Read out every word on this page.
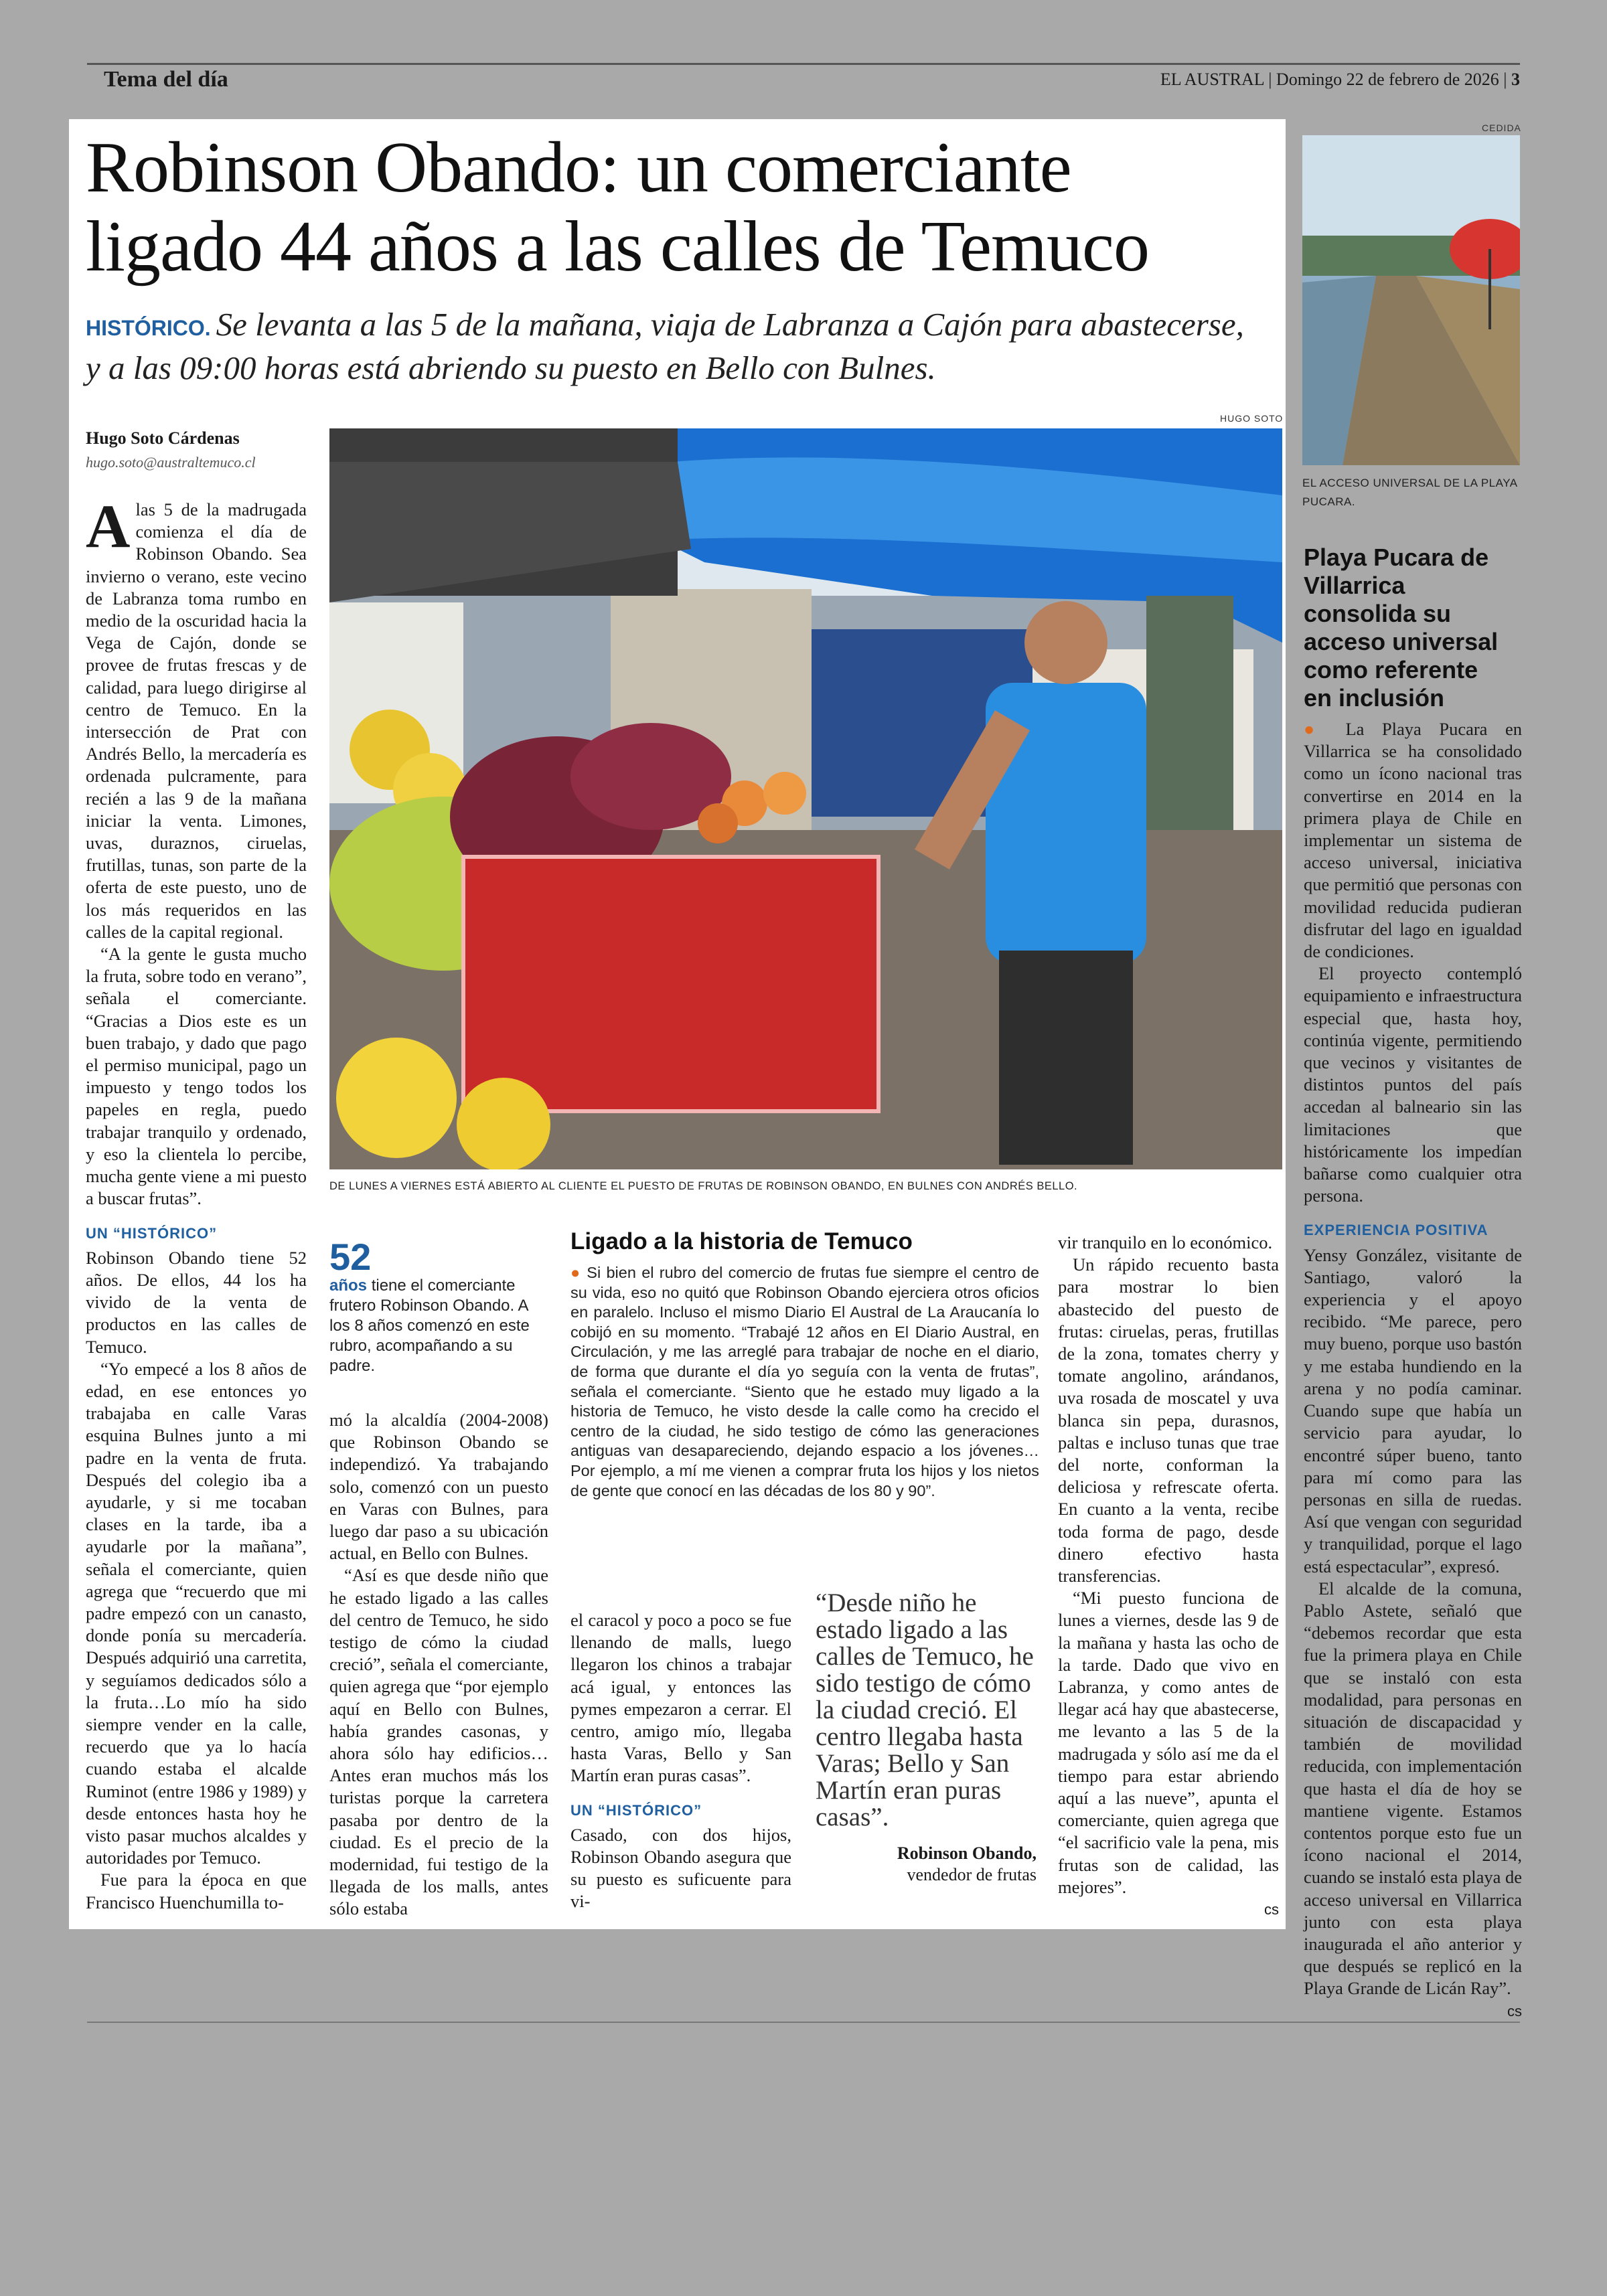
Tema del día	EL AUSTRAL | Domingo 22 de febrero de 2026 | 3
Robinson Obando: un comerciante
ligado 44 años a las calles de Temuco
HISTÓRICO. Se levanta a las 5 de la mañana, viaja de Labranza a Cajón para abastecerse, y a las 09:00 horas está abriendo su puesto en Bello con Bulnes.
HUGO SOTO
Hugo Soto Cárdenas
hugo.soto@australtemuco.cl

Alas 5 de la madrugada comienza el día de Robinson Obando. Sea invierno o verano, este vecino de Labranza toma rumbo en medio de la oscuridad hacia la Vega de Cajón, donde se provee de frutas frescas y de calidad, para luego dirigirse al centro de Temuco. En la intersección de Prat con Andrés Bello, la mercadería es ordenada pulcramente, para recién a las 9 de la mañana iniciar la venta. Limones, uvas, duraznos, ciruelas, frutillas, tunas, son parte de la oferta de este puesto, uno de los más requeridos en las calles de la capital regional.

“A la gente le gusta mucho la fruta, sobre todo en verano”, señala el comerciante. “Gracias a Dios este es un buen trabajo, y dado que pago el permiso municipal, pago un impuesto y tengo todos los papeles en regla, puedo trabajar tranquilo y ordenado, y eso la clientela lo percibe, mucha gente viene a mi puesto a buscar frutas”.

UN “HISTÓRICO”

Robinson Obando tiene 52 años. De ellos, 44 los ha vivido de la venta de productos en las calles de Temuco.

“Yo empecé a los 8 años de edad, en ese entonces yo trabajaba en calle Varas esquina Bulnes junto a mi padre en la venta de fruta. Después del colegio iba a ayudarle, y si me tocaban clases en la tarde, iba a ayudarle por la mañana”, señala el comerciante, quien agrega que “recuerdo que mi padre empezó con un canasto, donde ponía su mercadería. Después adquirió una carretita, y seguíamos dedicados sólo a la fruta…Lo mío ha sido siempre vender en la calle, recuerdo que ya lo hacía cuando estaba el alcalde Ruminot (entre 1986 y 1989) y desde entonces hasta hoy he visto pasar muchos alcaldes y autoridades por Temuco.

Fue para la época en que Francisco Huenchumilla to-

DE LUNES A VIERNES ESTÁ ABIERTO AL CLIENTE EL PUESTO DE FRUTAS DE ROBINSON OBANDO, EN BULNES CON ANDRÉS BELLO.
52
años tiene el comerciante frutero Robinson Obando. A los 8 años comenzó en este rubro, acompañando a su padre.

mó la alcaldía (2004-2008) que Robinson Obando se independizó. Ya trabajando solo, comenzó con un puesto en Varas con Bulnes, para luego dar paso a su ubicación actual, en Bello con Bulnes.

“Así es que desde niño que he estado ligado a las calles del centro de Temuco, he sido testigo de cómo la ciudad creció”, señala el comerciante, quien agrega que “por ejemplo aquí en Bello con Bulnes, había grandes casonas, y ahora sólo hay edificios…Antes eran muchos más los turistas porque la carretera pasaba por dentro de la ciudad. Es el precio de la modernidad, fui testigo de la llegada de los malls, antes sólo estaba

Ligado a la historia de Temuco
● Si bien el rubro del comercio de frutas fue siempre el centro de su vida, eso no quitó que Robinson Obando ejerciera otros oficios en paralelo. Incluso el mismo Diario El Austral de La Araucanía lo cobijó en su momento. “Trabajé 12 años en El Diario Austral, en Circulación, y me las arreglé para trabajar de noche en el diario, de forma que durante el día yo seguía con la venta de frutas”, señala el comerciante. “Siento que he estado muy ligado a la historia de Temuco, he visto desde la calle como ha crecido el centro de la ciudad, he sido testigo de cómo las generaciones antiguas van desapareciendo, dejando espacio a los jóvenes… Por ejemplo, a mí me vienen a comprar fruta los hijos y los nietos de gente que conocí en las décadas de los 80 y 90”.

el caracol y poco a poco se fue llenando de malls, luego llegaron los chinos a trabajar acá igual, y entonces las pymes empezaron a cerrar. El centro, amigo mío, llegaba hasta Varas, Bello y San Martín eran puras casas”.

UN “HISTÓRICO”

Casado, con dos hijos, Robinson Obando asegura que su puesto es suficuente para vi-

“Desde niño he estado ligado a las calles de Temuco, he sido testigo de cómo la ciudad creció. El centro llegaba hasta Varas; Bello y San Martín eran puras casas”.
Robinson Obando,
vendedor de frutas

vir tranquilo en lo económico.

Un rápido recuento basta para mostrar lo bien abastecido del puesto de frutas: ciruelas, peras, frutillas de la zona, tomates cherry y tomate angolino, arándanos, uva rosada de moscatel y uva blanca sin pepa, durasnos, paltas e incluso tunas que trae del norte, conforman la deliciosa y refrescate oferta. En cuanto a la venta, recibe toda forma de pago, desde dinero efectivo hasta transferencias.

“Mi puesto funciona de lunes a viernes, desde las 9 de la mañana y hasta las ocho de la tarde. Dado que vivo en Labranza, y como antes de llegar acá hay que abastecerse, me levanto a las 5 de la madrugada y sólo así me da el tiempo para estar abriendo aquí a las nueve”, apunta el comerciante, quien agrega que “el sacrificio vale la pena, mis frutas son de calidad, las mejores”.

cs
CEDIDA
EL ACCESO UNIVERSAL DE LA PLAYA PUCARA.
Playa Pucara de Villarrica consolida su acceso universal como referente en inclusión

● La Playa Pucara en Villarrica se ha consolidado como un ícono nacional tras convertirse en 2014 en la primera playa de Chile en implementar un sistema de acceso universal, iniciativa que permitió que personas con movilidad reducida pudieran disfrutar del lago en igualdad de condiciones.

El proyecto contempló equipamiento e infraestructura especial que, hasta hoy, continúa vigente, permitiendo que vecinos y visitantes de distintos puntos del país accedan al balneario sin las limitaciones que históricamente los impedían bañarse como cualquier otra persona.

EXPERIENCIA POSITIVA

Yensy González, visitante de Santiago, valoró la experiencia y el apoyo recibido. “Me parece, pero muy bueno, porque uso bastón y me estaba hundiendo en la arena y no podía caminar. Cuando supe que había un servicio para ayudar, lo encontré súper bueno, tanto para mí como para las personas en silla de ruedas. Así que vengan con seguridad y tranquilidad, porque el lago está espectacular”, expresó.

El alcalde de la comuna, Pablo Astete, señaló que “debemos recordar que esta fue la primera playa en Chile que se instaló con esta modalidad, para personas en situación de discapacidad y también de movilidad reducida, con implementación que hasta el día de hoy se mantiene vigente. Estamos contentos porque esto fue un ícono nacional el 2014, cuando se instaló esta playa de acceso universal en Villarrica junto con esta playa inaugurada el año anterior y que después se replicó en la Playa Grande de Licán Ray”.

cs
